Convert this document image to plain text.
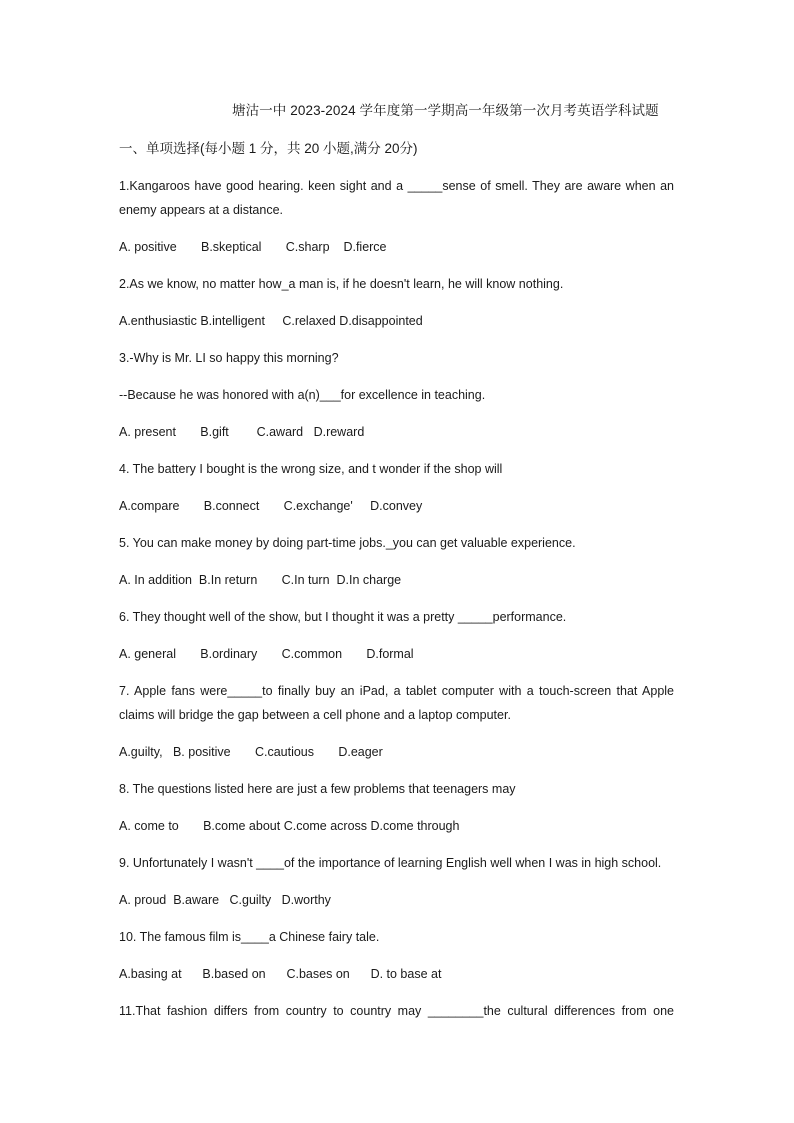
塘沽一中 2023-2024 学年度第一学期高一年级第一次月考英语学科试题
一、单项选择(每小题 1 分，共 20 小题,满分 20分)

1.Kangaroos have good hearing. keen sight and a _____sense of smell. They are aware when an enemy appears at a distance.

A. positive B.skeptical C.sharp D.fierce

2.As we know, no matter how_a man is, if he doesn't learn, he will know nothing.

A.enthusiastic B.intelligent C.relaxed D.disappointed

3.-Why is Mr. LI so happy this morning?

--Because he was honored with a(n)___for excellence in teaching.

A. present B.gift C.award D.reward

4. The battery I bought is the wrong size, and t wonder if the shop will

A.compare B.connect C.exchange' D.convey

5. You can make money by doing part-time jobs._you can get valuable experience.

A. In addition B.In return C.In turn D.In charge

6. They thought well of the show, but I thought it was a pretty _____performance.

A. general B.ordinary C.common D.formal

7. Apple fans were_____to finally buy an iPad, a tablet computer with a touch-screen that Apple claims will bridge the gap between a cell phone and a laptop computer.

A.guilty, B. positive C.cautious D.eager

8. The questions listed here are just a few problems that teenagers may

A. come to B.come about C.come across D.come through

9. Unfortunately I wasn't ____of the importance of learning English well when I was in high school.

A. proud B.aware C.guilty D.worthy

10. The famous film is____a Chinese fairy tale.

A.basing at B.based on C.bases on D. to base at

11.That fashion differs from country to country may ________the cultural differences from one
